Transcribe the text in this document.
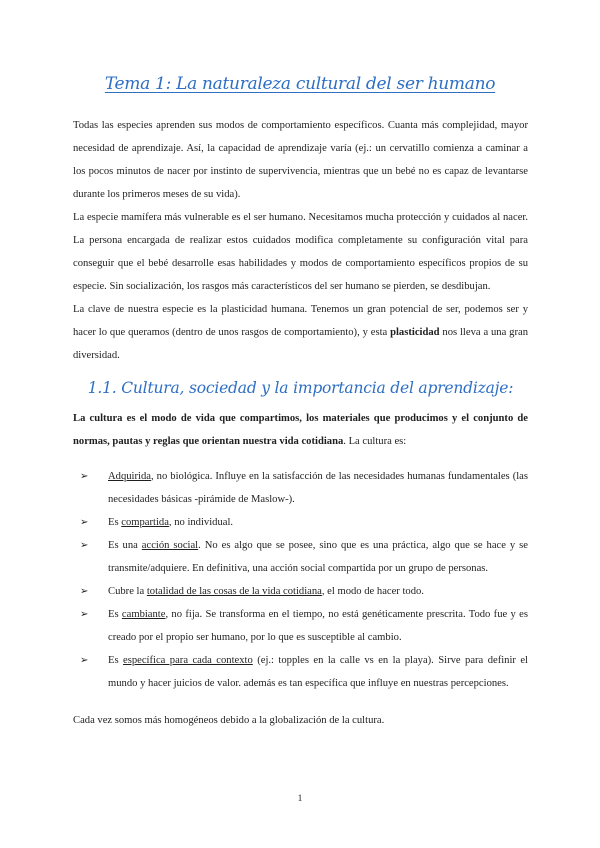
Tema 1: La naturaleza cultural del ser humano

Todas las especies aprenden sus modos de comportamiento específicos. Cuanta más complejidad, mayor necesidad de aprendizaje. Así, la capacidad de aprendizaje varía (ej.: un cervatillo comienza a caminar a los pocos minutos de nacer por instinto de supervivencia, mientras que un bebé no es capaz de levantarse durante los primeros meses de su vida).

La especie mamífera más vulnerable es el ser humano. Necesitamos mucha protección y cuidados al nacer. La persona encargada de realizar estos cuidados modifica completamente su configuración vital para conseguir que el bebé desarrolle esas habilidades y modos de comportamiento específicos propios de su especie. Sin socialización, los rasgos más característicos del ser humano se pierden, se desdibujan.

La clave de nuestra especie es la plasticidad humana. Tenemos un gran potencial de ser, podemos ser y hacer lo que queramos (dentro de unos rasgos de comportamiento), y esta plasticidad nos lleva a una gran diversidad.

1.1. Cultura, sociedad y la importancia del aprendizaje:

La cultura es el modo de vida que compartimos, los materiales que producimos y el conjunto de normas, pautas y reglas que orientan nuestra vida cotidiana. La cultura es:

➢ Adquirida, no biológica. Influye en la satisfacción de las necesidades humanas fundamentales (las necesidades básicas -pirámide de Maslow-).
➢ Es compartida, no individual.
➢ Es una acción social. No es algo que se posee, sino que es una práctica, algo que se hace y se transmite/adquiere. En definitiva, una acción social compartida por un grupo de personas.
➢ Cubre la totalidad de las cosas de la vida cotidiana, el modo de hacer todo.
➢ Es cambiante, no fija. Se transforma en el tiempo, no está genéticamente prescrita. Todo fue y es creado por el propio ser humano, por lo que es susceptible al cambio.
➢ Es específica para cada contexto (ej.: topples en la calle vs en la playa). Sirve para definir el mundo y hacer juicios de valor. además es tan específica que influye en nuestras percepciones.

Cada vez somos más homogéneos debido a la globalización de la cultura.

1
